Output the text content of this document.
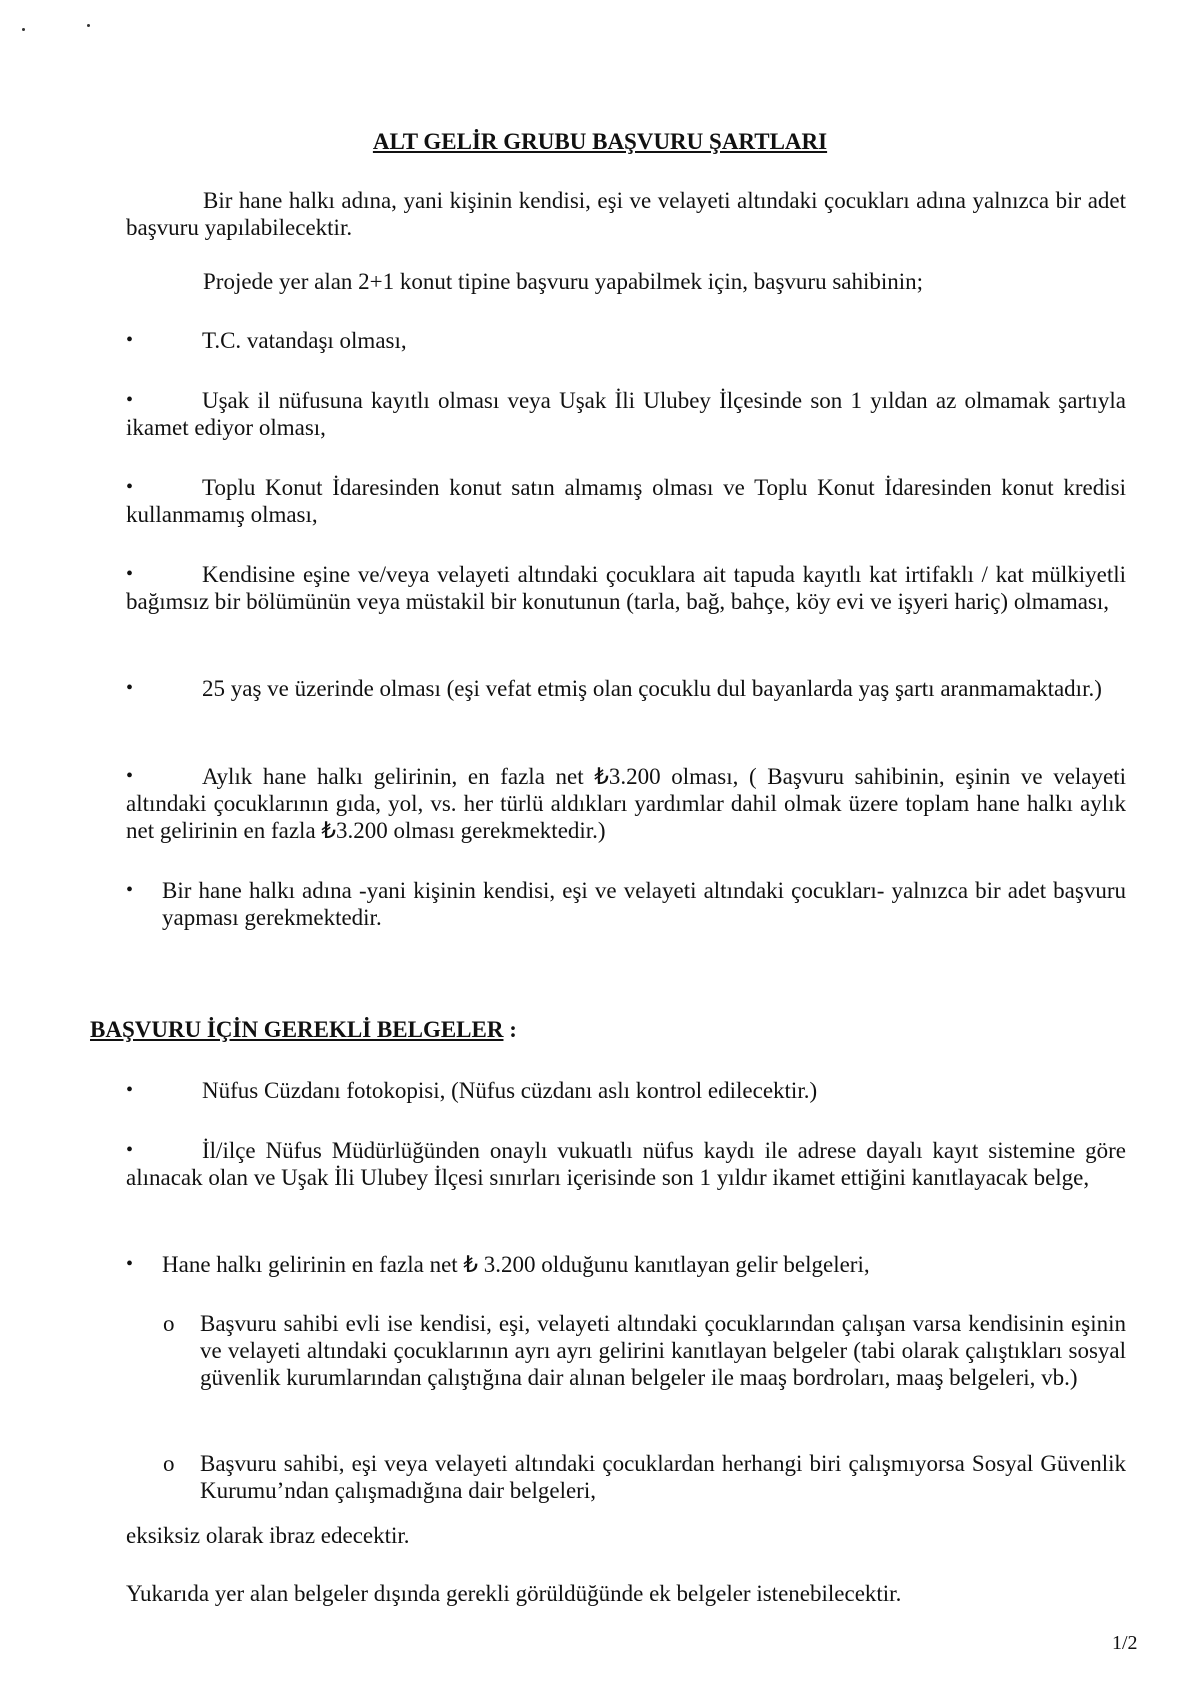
ALT GELİR GRUBU BAŞVURU ŞARTLARI
Bir hane halkı adına, yani kişinin kendisi, eşi ve velayeti altındaki çocukları adına yalnızca bir adet başvuru yapılabilecektir.
Projede yer alan 2+1 konut tipine başvuru yapabilmek için, başvuru sahibinin;
•	T.C. vatandaşı olması,
•	Uşak il nüfusuna kayıtlı olması veya Uşak İli Ulubey İlçesinde son 1 yıldan az olmamak şartıyla ikamet ediyor olması,
•	Toplu Konut İdaresinden konut satın almamış olması ve Toplu Konut İdaresinden konut kredisi kullanmamış olması,
•	Kendisine eşine ve/veya velayeti altındaki çocuklara ait tapuda kayıtlı kat irtifaklı / kat mülkiyetli bağımsız bir bölümünün veya müstakil bir konutunun (tarla, bağ, bahçe, köy evi ve işyeri hariç) olmaması,
•	25 yaş ve üzerinde olması (eşi vefat etmiş olan çocuklu dul bayanlarda yaş şartı aranmamaktadır.)
•	Aylık hane halkı gelirinin, en fazla net ₺3.200 olması, ( Başvuru sahibinin, eşinin ve velayeti altındaki çocuklarının gıda, yol, vs. her türlü aldıkları yardımlar dahil olmak üzere toplam hane halkı aylık net gelirinin en fazla ₺3.200 olması gerekmektedir.)
• Bir hane halkı adına -yani kişinin kendisi, eşi ve velayeti altındaki çocukları- yalnızca bir adet başvuru yapması gerekmektedir.
BAŞVURU İÇİN GEREKLİ BELGELER :
•	Nüfus Cüzdanı fotokopisi, (Nüfus cüzdanı aslı kontrol edilecektir.)
•	İl/ilçe Nüfus Müdürlüğünden onaylı vukuatlı nüfus kaydı ile adrese dayalı kayıt sistemine göre alınacak olan ve Uşak İli Ulubey İlçesi sınırları içerisinde son 1 yıldır ikamet ettiğini kanıtlayacak belge,
• Hane halkı gelirinin en fazla net ₺ 3.200 olduğunu kanıtlayan gelir belgeleri,
o Başvuru sahibi evli ise kendisi, eşi, velayeti altındaki çocuklarından çalışan varsa kendisinin eşinin ve velayeti altındaki çocuklarının ayrı ayrı gelirini kanıtlayan belgeler (tabi olarak çalıştıkları sosyal güvenlik kurumlarından çalıştığına dair alınan belgeler ile maaş bordroları, maaş belgeleri, vb.)
o Başvuru sahibi, eşi veya velayeti altındaki çocuklardan herhangi biri çalışmıyorsa Sosyal Güvenlik Kurumu’ndan çalışmadığına dair belgeleri,
eksiksiz olarak ibraz edecektir.
Yukarıda yer alan belgeler dışında gerekli görüldüğünde ek belgeler istenebilecektir.
1/2
